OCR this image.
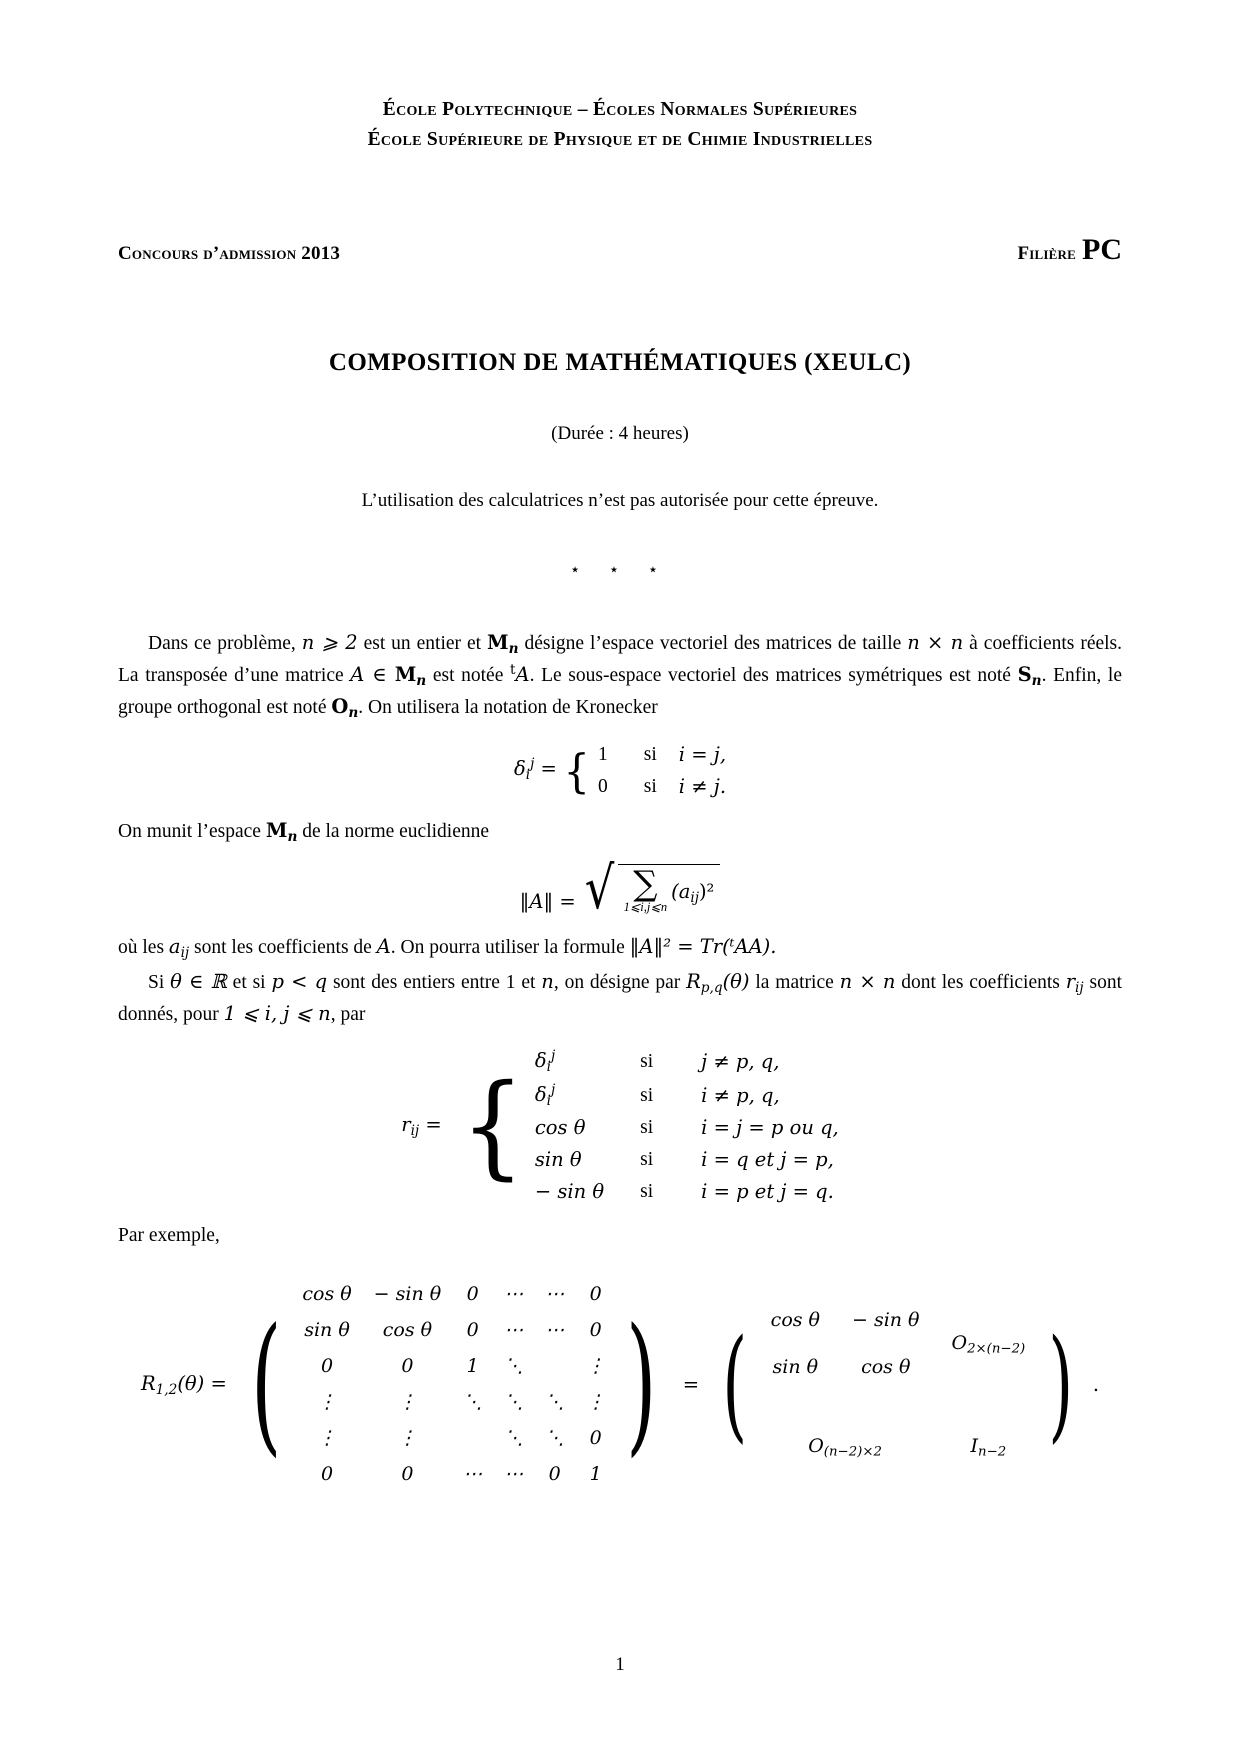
École Polytechnique – Écoles Normales Supérieures
École Supérieure de Physique et de Chimie Industrielles
Concours d’admission 2013	Filière PC
COMPOSITION DE MATHÉMATIQUES (XEULC)
(Durée : 4 heures)
L’utilisation des calculatrices n’est pas autorisée pour cette épreuve.
⋆ ⋆ ⋆

Dans ce problème, n ⩾ 2 est un entier et $M_n$ désigne l’espace vectoriel des matrices de taille n × n à coefficients réels. La transposée d’une matrice A ∈ $M_n$ est notée $^t$A. Le sous-espace vectoriel des matrices symétriques est noté $S_n$. Enfin, le groupe orthogonal est noté $O_n$. On utilisera la notation de Kronecker

$\delta_i^j$ = { 1	si	i = j,
0	si	i ≠ j.

On munit l’espace $M_n$ de la norme euclidienne

‖A‖ = √ ∑
1⩽i,j⩽n
$(a_{ij})^2$

où les $a_{ij}$ sont les coefficients de A. On pourra utiliser la formule ‖A‖² = Tr(ᵗAA).

Si θ ∈ ℝ et si p < q sont des entiers entre 1 et n, on désigne par $R_{p,q}(\theta)$ la matrice n × n dont les coefficients $r_{ij}$ sont donnés, pour 1 ⩽ i, j ⩽ n, par

$r_{ij}$ = {
$\delta_i^j$	si	j ≠ p, q,
$\delta_i^j$	si	i ≠ p, q,
cos θ	si	i = j = p ou q,
sin θ	si	i = q et j = p,
− sin θ	si	i = p et j = q.

Par exemple,

$R_{1,2}(\theta)$ = (
cos θ	− sin θ	0	⋯	⋯	0
sin θ	cos θ	0	⋯	⋯	0
0	0	1	⋱		⋮
⋮	⋮	⋱	⋱	⋱	⋮
⋮	⋮		⋱	⋱	0
0	0	⋯	⋯	0	1
) = ( cos θ	− sin θ	$O_{2\times(n-2)}$
sin θ	cos θ	

$O_{(n-2)\times 2}$		$I_{n-2}$ ) .
1
